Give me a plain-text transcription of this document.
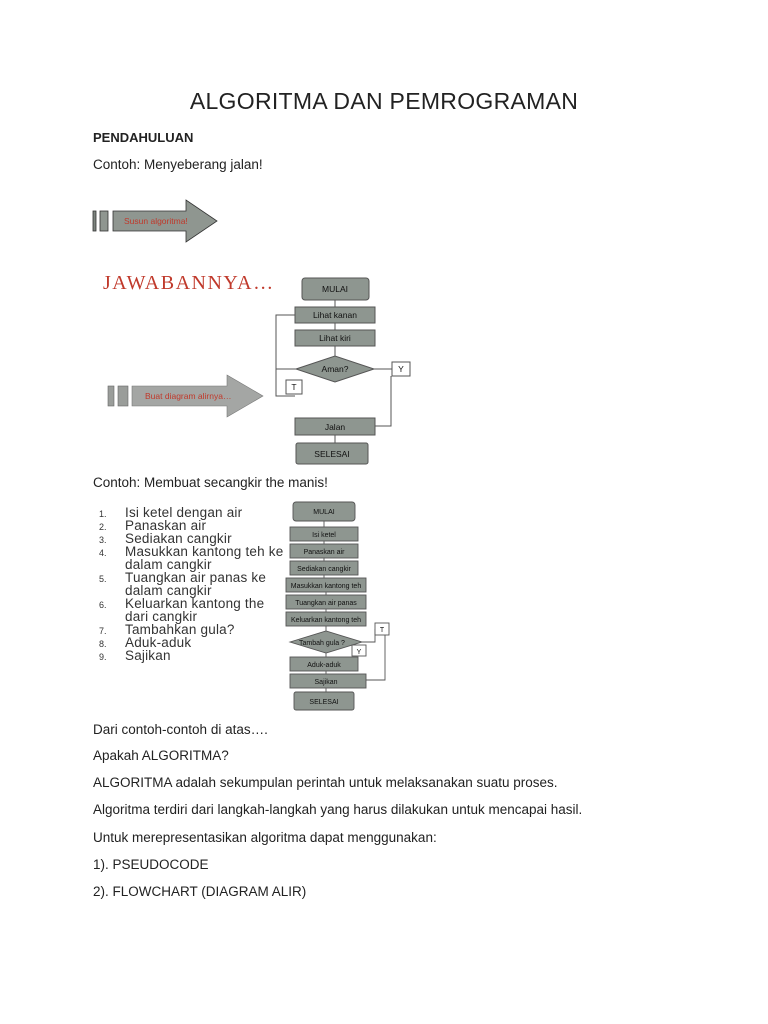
ALGORITMA DAN PEMROGRAMAN
PENDAHULUAN
Contoh: Menyeberang jalan!
Susun algoritma!
Buat diagram alirnya…
MULAI
Lihat kanan
Lihat kiri
Aman?	Y
T
Jalan
SELESAI
JAWABANNYA…
Contoh: Membuat secangkir the manis!
1. Isi ketel dengan air
2. Panaskan air
3. Sediakan cangkir
4. Masukkan kantong teh ke dalam cangkir
5. Tuangkan air panas ke dalam cangkir
6. Keluarkan kantong the dari cangkir
7. Tambahkan gula?
8. Aduk-aduk
9. Sajikan
MULAI
Isi ketel
Panaskan air
Sediakan cangkir
Masukkan kantong teh
Tuangkan air panas
Keluarkan kantong teh
Tambah gula ?
T
Y
Aduk-aduk
Sajikan
SELESAI
Dari contoh-contoh di atas….
Apakah ALGORITMA?
ALGORITMA adalah sekumpulan perintah untuk melaksanakan suatu proses.
Algoritma terdiri dari langkah-langkah yang harus dilakukan untuk mencapai hasil.
Untuk merepresentasikan algoritma dapat menggunakan:
1). PSEUDOCODE
2). FLOWCHART (DIAGRAM ALIR)
